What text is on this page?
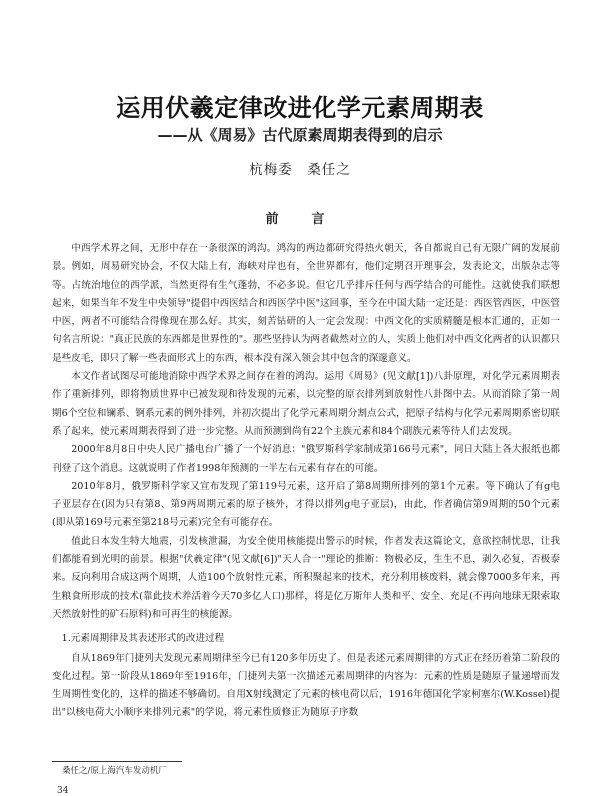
运用伏羲定律改进化学元素周期表
——从《周易》古代原素周期表得到的启示
杭梅委　桑任之
前　言

中西学术界之间，无形中存在一条很深的鸿沟。鸿沟的两边都研究得热火朝天，各自都说自己有无限广阔的发展前景。例如，周易研究协会，不仅大陆上有，海峡对岸也有，全世界都有，他们定期召开理事会，发表论文，出版杂志等等。占统治地位的西学派，当然更得有生气蓬勃，不必多说。但它几乎排斥任何与西学结合的可能性。这就使我们联想起来，如果当年不发生中央领导"提倡中西医结合和西医学中医"这回事，至今在中国大陆一定还是：西医管西医，中医管中医，两者不可能结合得像现在那么好。其实，刻苦钻研的人一定会发现：中西文化的实质精髓是根本汇通的，正如一句名言所说："真正民族的东西都是世界性的"。那些坚持认为两者截然对立的人，实质上他们对中西文化两者的认识都只是些皮毛，即只了解一些表面形式上的东西，根本没有深入领会其中包含的深邃意义。

本文作者试图尽可能地消除中西学术界之间存在着的鸿沟。运用《周易》(见文献[1])八卦原理，对化学元素周期表作了重新排列，即将物质世界中已被发现和待发现的元素，以完整的原衣排列到放射性八卦图中去。从而消除了第一周期6个空位和镧系、锕系元素的例外排列，并初次提出了化学元素周期分割点公式，把原子结构与化学元素周期系密切联系了起来，使元素周期表得到了进一步完整。从而预测到尚有22个主族元素和84个副族元素等待人们去发现。

2000年8月8日中央人民广播电台广播了一个好消息："俄罗斯科学家制成第166号元素"，同日大陆上各大报纸也都刊登了这个消息。这就说明了作者1998年预测的一半左右元素有存在的可能。

2010年8月，俄罗斯科学家又宣布发现了第119号元素，这开启了第8周期所排列的第1个元素。等下确认了有g电子亚层存在(因为只有第8、第9两周期元素的原子核外，才得以排列g电子亚层)，由此，作者确信第9周期的50个元素(即从第169号元素至第218号元素)完全有可能存在。

值此日本发生特大地震，引发核泄漏，为安全使用核能提出警示的时候，作者发表这篇论文，意欲控制忧思，让我们都能看到光明的前景。根据"伏羲定律"(见文献[6])"天人合一"理论的推断：物极必反，生生不息，剥久必复，否极泰来。反向利用合成这两个周期，人造100个放射性元素，所积聚起来的技术，充分利用核废料，就会像7000多年来，再生粮食所形成的技术(靠此技术养活着今天70多亿人口)那样，将是亿万斯年人类和平、安全、充足(不再向地球无限索取天然放射性的矿石原料)和可再生的核能源。

1.元素周期律及其表述形式的改进过程

自从1869年门捷列夫发现元素周期律至今已有120多年历史了。但是表述元素周期律的方式正在经历着第二阶段的变化过程。第一阶段从1869年至1916年，门捷列夫第一次描述元素周期律的内容为：元素的性质是随原子量递增而发生周期性变化的，这样的描述不够确切。自用X射线测定了元素的核电荷以后，1916年德国化学家柯塞尔(W.Kossel)提出"以核电荷大小顺序来排列元素"的学说，将元素性质修正为随原子序数

桑任之/原上海汽车发动机厂
34
